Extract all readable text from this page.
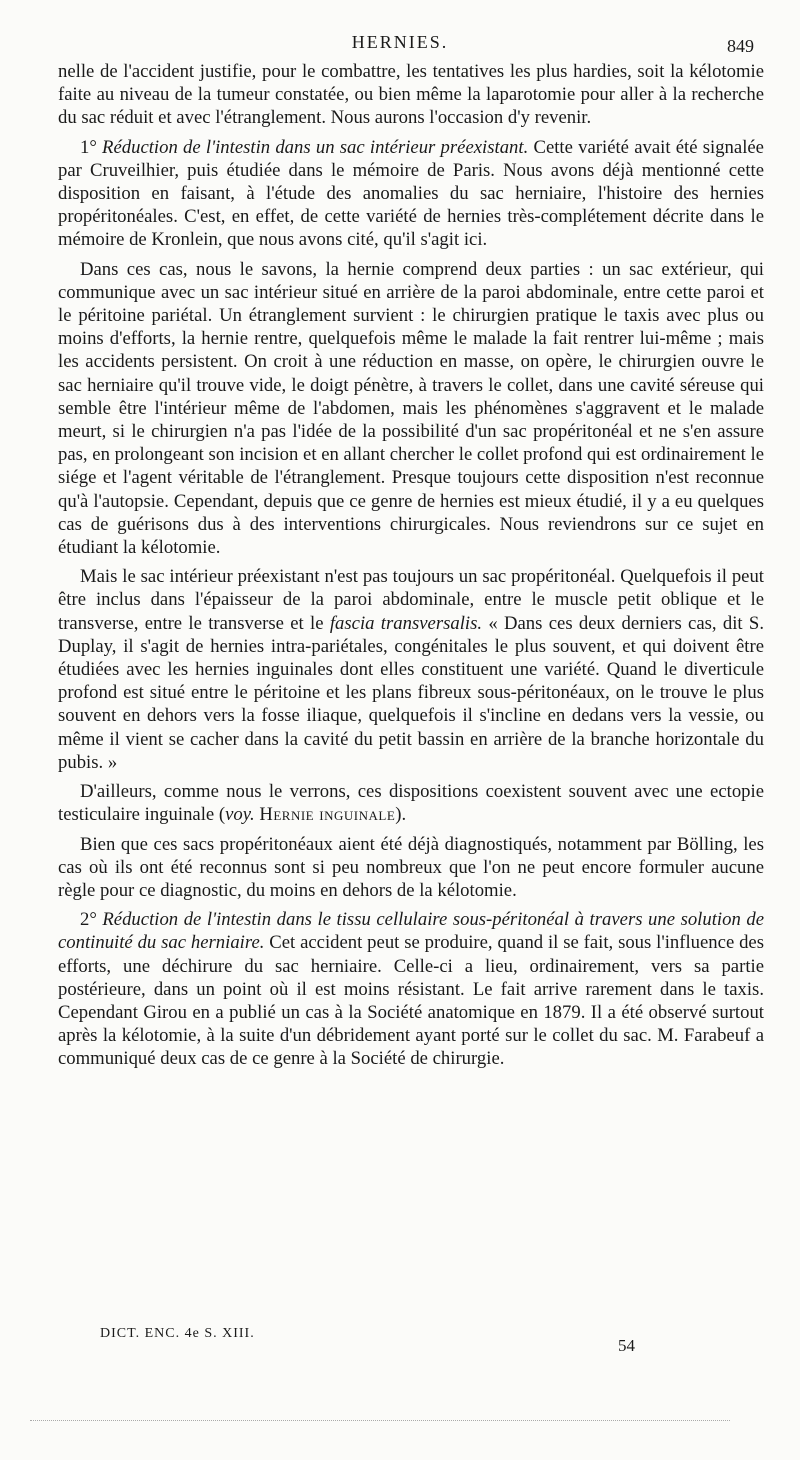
HERNIES.	849

nelle de l'accident justifie, pour le combattre, les tentatives les plus hardies, soit la kélotomie faite au niveau de la tumeur constatée, ou bien même la laparotomie pour aller à la recherche du sac réduit et avec l'étranglement. Nous aurons l'occasion d'y revenir.

1° Réduction de l'intestin dans un sac intérieur préexistant. Cette variété avait été signalée par Cruveilhier, puis étudiée dans le mémoire de Paris. Nous avons déjà mentionné cette disposition en faisant, à l'étude des anomalies du sac herniaire, l'histoire des hernies propéritonéales. C'est, en effet, de cette variété de hernies très-complétement décrite dans le mémoire de Kronlein, que nous avons cité, qu'il s'agit ici.

Dans ces cas, nous le savons, la hernie comprend deux parties : un sac extérieur, qui communique avec un sac intérieur situé en arrière de la paroi abdominale, entre cette paroi et le péritoine pariétal. Un étranglement survient : le chirurgien pratique le taxis avec plus ou moins d'efforts, la hernie rentre, quelquefois même le malade la fait rentrer lui-même ; mais les accidents persistent. On croit à une réduction en masse, on opère, le chirurgien ouvre le sac herniaire qu'il trouve vide, le doigt pénètre, à travers le collet, dans une cavité séreuse qui semble être l'intérieur même de l'abdomen, mais les phénomènes s'aggravent et le malade meurt, si le chirurgien n'a pas l'idée de la possibilité d'un sac propéritonéal et ne s'en assure pas, en prolongeant son incision et en allant chercher le collet profond qui est ordinairement le siége et l'agent véritable de l'étranglement. Presque toujours cette disposition n'est reconnue qu'à l'autopsie. Cependant, depuis que ce genre de hernies est mieux étudié, il y a eu quelques cas de guérisons dus à des interventions chirurgicales. Nous reviendrons sur ce sujet en étudiant la kélotomie.

Mais le sac intérieur préexistant n'est pas toujours un sac propéritonéal. Quelquefois il peut être inclus dans l'épaisseur de la paroi abdominale, entre le muscle petit oblique et le transverse, entre le transverse et le fascia transversalis. « Dans ces deux derniers cas, dit S. Duplay, il s'agit de hernies intra-pariétales, congénitales le plus souvent, et qui doivent être étudiées avec les hernies inguinales dont elles constituent une variété. Quand le diverticule profond est situé entre le péritoine et les plans fibreux sous-péritonéaux, on le trouve le plus souvent en dehors vers la fosse iliaque, quelquefois il s'incline en dedans vers la vessie, ou même il vient se cacher dans la cavité du petit bassin en arrière de la branche horizontale du pubis. »

D'ailleurs, comme nous le verrons, ces dispositions coexistent souvent avec une ectopie testiculaire inguinale (voy. Hernie inguinale).

Bien que ces sacs propéritonéaux aient été déjà diagnostiqués, notamment par Bölling, les cas où ils ont été reconnus sont si peu nombreux que l'on ne peut encore formuler aucune règle pour ce diagnostic, du moins en dehors de la kélotomie.

2° Réduction de l'intestin dans le tissu cellulaire sous-péritonéal à travers une solution de continuité du sac herniaire. Cet accident peut se produire, quand il se fait, sous l'influence des efforts, une déchirure du sac herniaire. Celle-ci a lieu, ordinairement, vers sa partie postérieure, dans un point où il est moins résistant. Le fait arrive rarement dans le taxis. Cependant Girou en a publié un cas à la Société anatomique en 1879. Il a été observé surtout après la kélotomie, à la suite d'un débridement ayant porté sur le collet du sac. M. Farabeuf a communiqué deux cas de ce genre à la Société de chirurgie.

DICT. ENC. 4e S. XIII.
54
